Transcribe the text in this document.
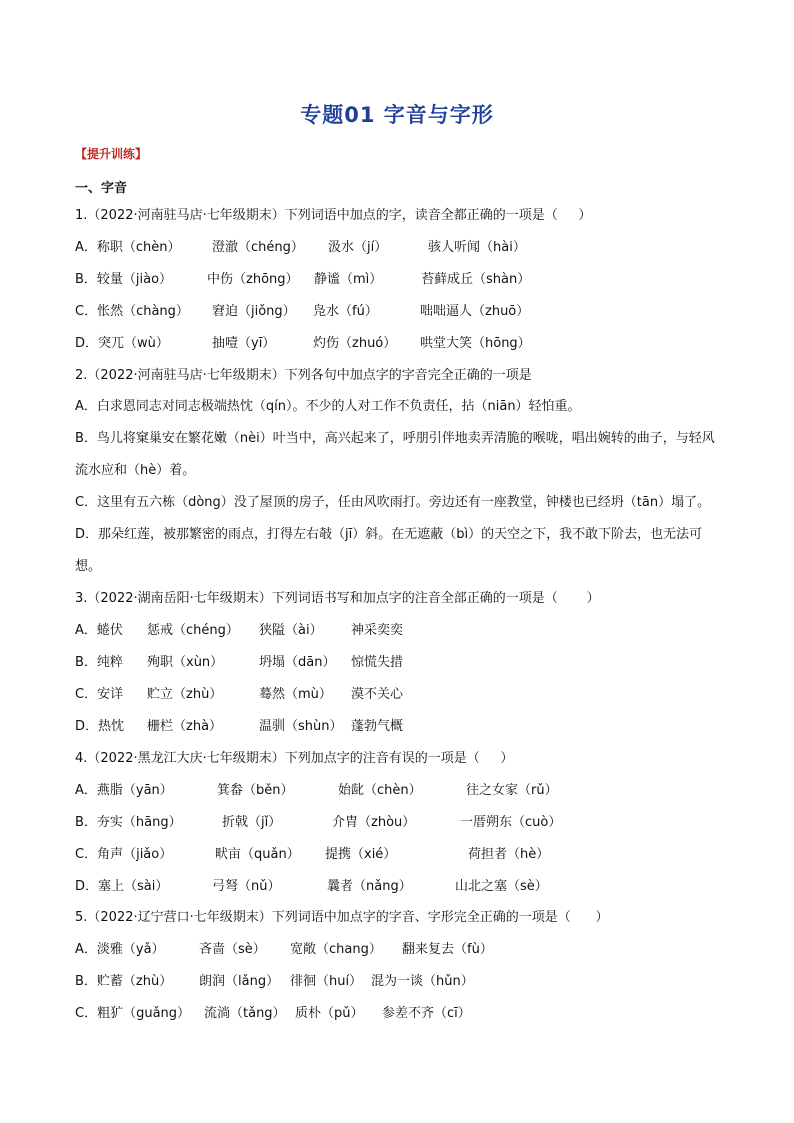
专题01 字音与字形
【提升训练】
一、字音
1.（2022·河南驻马店·七年级期末）下列词语中加点的字，读音全都正确的一项是（     ）
A．称职（chèn） 澄澈（chéng） 汲水（jí）	骇人听闻（hài）
B．较量（jiào）	中伤（zhōng） 静谧（mì）	苔藓成丘（shàn）
C．怅然（chàng） 窘迫（jiǒng） 凫水（fú）	咄咄逼人（zhuō）
D．突兀（wù）	抽噎（yī）	灼伤（zhuó） 哄堂大笑（hōng）
2.（2022·河南驻马店·七年级期末）下列各句中加点字的字音完全正确的一项是
A．白求恩同志对同志极端热忱（qín）。不少的人对工作不负责任，拈（niān）轻怕重。
B．鸟儿将窠巢安在繁花嫩（nèi）叶当中，高兴起来了，呼朋引伴地卖弄清脆的喉咙，唱出婉转的曲子，与轻风流水应和（hè）着。
C．这里有五六栋（dòng）没了屋顶的房子，任由风吹雨打。旁边还有一座教堂，钟楼也已经坍（tān）塌了。
D．那朵红莲，被那繁密的雨点，打得左右攲（jī）斜。在无遮蔽（bì）的天空之下，我不敢下阶去，也无法可想。
3.（2022·湖南岳阳·七年级期末）下列词语书写和加点字的注音全部正确的一项是（       ）
A．蜷伏 惩戒（chéng） 狭隘（ài） 神采奕奕
B．纯粹 殉职（xùn）	坍塌（dān） 惊慌失措
C．安详 贮立（zhù）	蓦然（mù） 漠不关心
D．热忱 栅栏（zhà）	温驯（shùn） 蓬勃气概
4.（2022·黑龙江大庆·七年级期末）下列加点字的注音有误的一项是（     ）
A．燕脂（yān）	箕畚（běn）	始龀（chèn）	往之女家（rǔ）
B．夯实（hāng）	折戟（jǐ）	介胄（zhòu）	一厝朔东（cuò）
C．角声（jiǎo）	畎亩（quǎn） 提携（xié）	荷担者（hè）
D．塞上（sài）	弓弩（nǔ）	曩者（nǎng）	山北之塞（sè）
5.（2022·辽宁营口·七年级期末）下列词语中加点字的字音、字形完全正确的一项是（      ）
A．淡雅（yǎ）	吝啬（sè） 宽敞（chang） 翻来复去（fù）
B．贮蓄（zhù） 朗润（lǎng） 徘徊（huí） 混为一谈（hǔn）
C．粗犷（guǎng） 流淌（tǎng） 质朴（pǔ） 参差不齐（cī）
